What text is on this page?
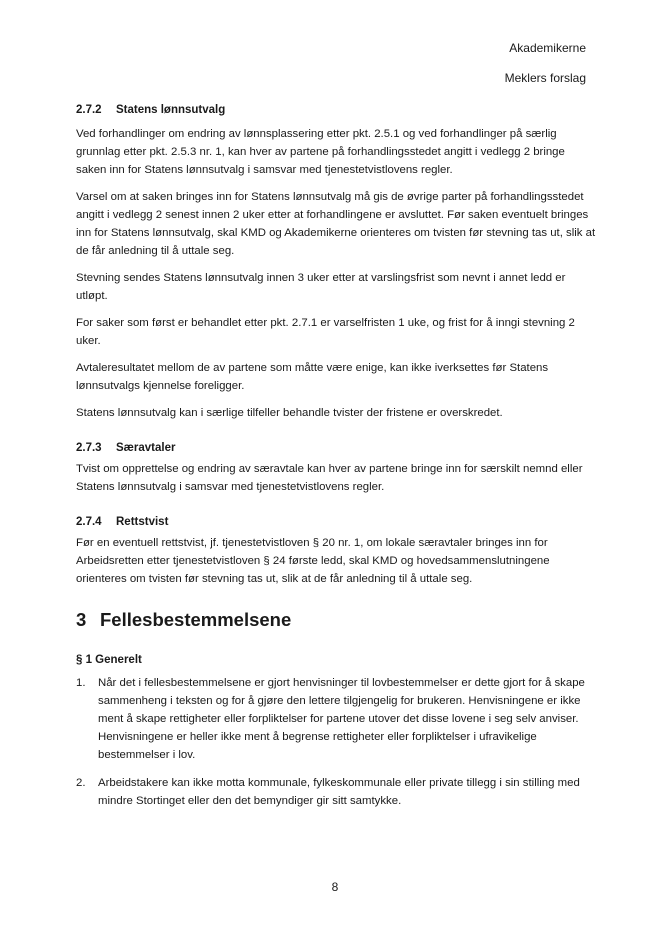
Akademikerne
Meklers forslag
2.7.2 Statens lønnsutvalg

Ved forhandlinger om endring av lønnsplassering etter pkt. 2.5.1 og ved forhandlinger på særlig grunnlag etter pkt. 2.5.3 nr. 1, kan hver av partene på forhandlingsstedet angitt i vedlegg 2 bringe saken inn for Statens lønnsutvalg i samsvar med tjenestetvistlovens regler.

Varsel om at saken bringes inn for Statens lønnsutvalg må gis de øvrige parter på forhandlingsstedet angitt i vedlegg 2 senest innen 2 uker etter at forhandlingene er avsluttet. Før saken eventuelt bringes inn for Statens lønnsutvalg, skal KMD og Akademikerne orienteres om tvisten før stevning tas ut, slik at de får anledning til å uttale seg.

Stevning sendes Statens lønnsutvalg innen 3 uker etter at varslingsfrist som nevnt i annet ledd er utløpt.

For saker som først er behandlet etter pkt. 2.7.1 er varselfristen 1 uke, og frist for å inngi stevning 2 uker.

Avtaleresultatet mellom de av partene som måtte være enige, kan ikke iverksettes før Statens lønnsutvalgs kjennelse foreligger.

Statens lønnsutvalg kan i særlige tilfeller behandle tvister der fristene er overskredet.

2.7.3 Særavtaler

Tvist om opprettelse og endring av særavtale kan hver av partene bringe inn for særskilt nemnd eller Statens lønnsutvalg i samsvar med tjenestetvistlovens regler.

2.7.4 Rettstvist

Før en eventuell rettstvist, jf. tjenestetvistloven § 20 nr. 1, om lokale særavtaler bringes inn for Arbeidsretten etter tjenestetvistloven § 24 første ledd, skal KMD og hovedsammenslutningene orienteres om tvisten før stevning tas ut, slik at de får anledning til å uttale seg.

3 Fellesbestemmelsene
§ 1 Generelt
1. Når det i fellesbestemmelsene er gjort henvisninger til lovbestemmelser er dette gjort for å skape sammenheng i teksten og for å gjøre den lettere tilgjengelig for brukeren. Henvisningene er ikke ment å skape rettigheter eller forpliktelser for partene utover det disse lovene i seg selv anviser. Henvisningene er heller ikke ment å begrense rettigheter eller forpliktelser i ufravikelige bestemmelser i lov.
2. Arbeidstakere kan ikke motta kommunale, fylkeskommunale eller private tillegg i sin stilling med mindre Stortinget eller den det bemyndiger gir sitt samtykke.
8
